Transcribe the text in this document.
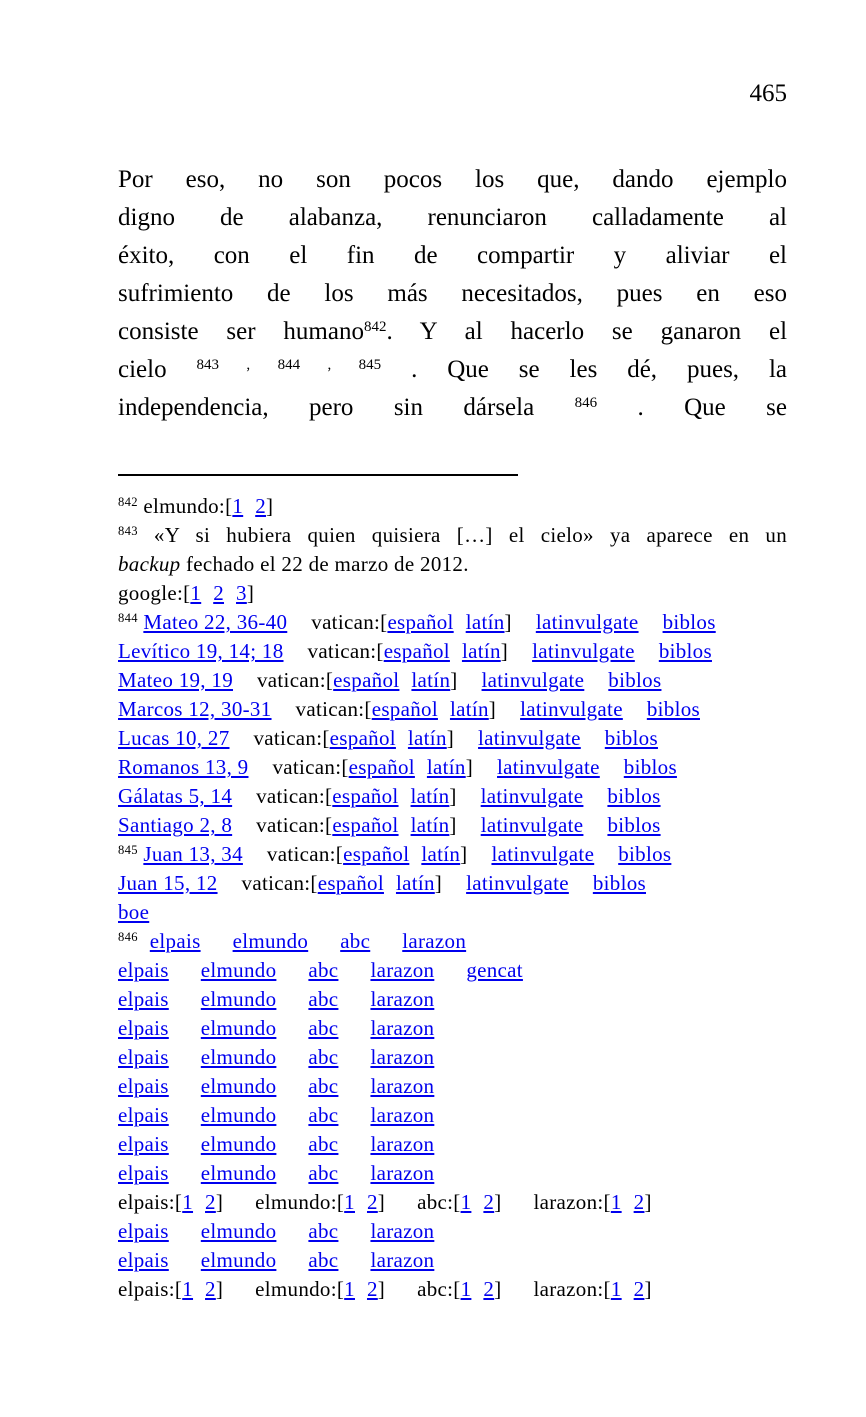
465
Por eso, no son pocos los que, dando ejemplo
digno de alabanza, renunciaron calladamente al
éxito, con el fin de compartir y aliviar el
sufrimiento de los más necesitados, pues en eso
consiste ser humano$^{842}$. Y al hacerlo se ganaron el
cielo $^{843 , 844 , 845}$ . Que se les dé, pues, la
independencia, pero sin dársela $^{846}$ . Que se
$^{842}$ elmundo:[1 2]
$^{843}$ «Y si hubiera quien quisiera […] el cielo» ya aparece en un
backup fechado el 22 de marzo de 2012.
google:[1 2 3]
$^{844}$ Mateo 22, 36-40 vatican:[español latín] latinvulgate biblos
Levítico 19, 14; 18 vatican:[español latín] latinvulgate biblos
Mateo 19, 19 vatican:[español latín] latinvulgate biblos
Marcos 12, 30-31 vatican:[español latín] latinvulgate biblos
Lucas 10, 27 vatican:[español latín] latinvulgate biblos
Romanos 13, 9 vatican:[español latín] latinvulgate biblos
Gálatas 5, 14 vatican:[español latín] latinvulgate biblos
Santiago 2, 8 vatican:[español latín] latinvulgate biblos
$^{845}$ Juan 13, 34 vatican:[español latín] latinvulgate biblos
Juan 15, 12 vatican:[español latín] latinvulgate biblos
boe
$^{846}$ elpais elmundo abc larazon
elpais elmundo abc larazon gencat
elpais elmundo abc larazon
elpais elmundo abc larazon
elpais elmundo abc larazon
elpais elmundo abc larazon
elpais elmundo abc larazon
elpais elmundo abc larazon
elpais elmundo abc larazon
elpais:[1 2] elmundo:[1 2] abc:[1 2] larazon:[1 2]
elpais elmundo abc larazon
elpais elmundo abc larazon
elpais:[1 2] elmundo:[1 2] abc:[1 2] larazon:[1 2]
